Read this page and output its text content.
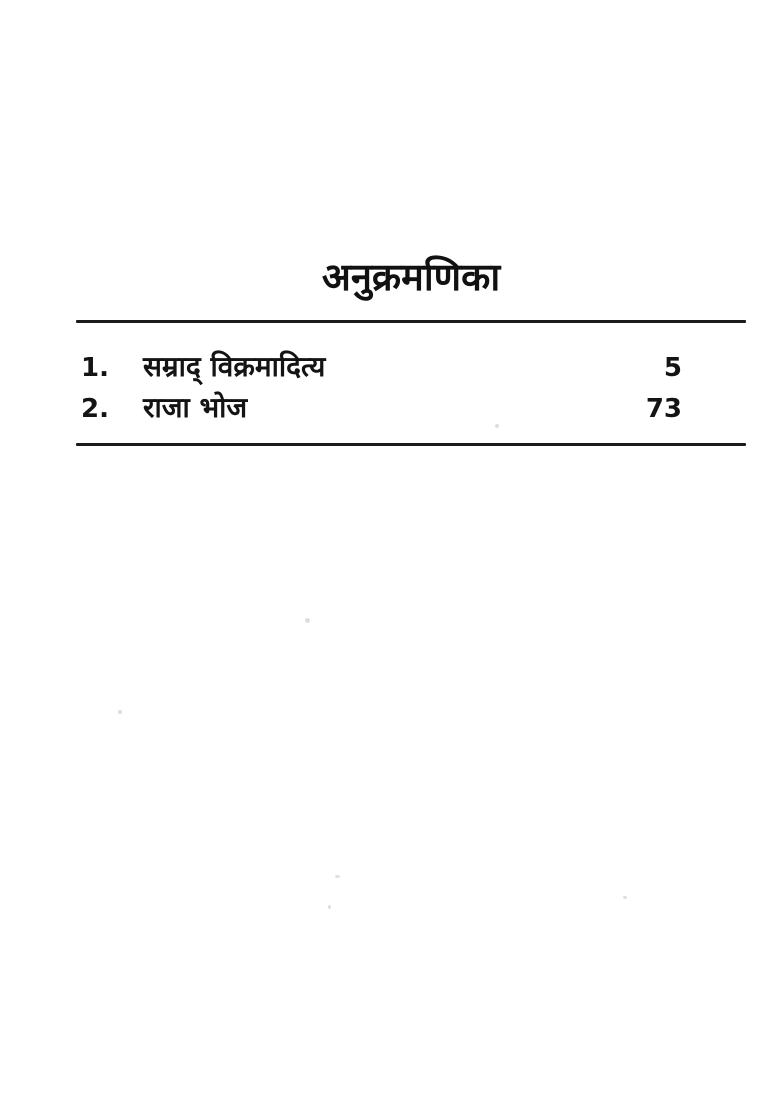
अनुक्रमणिका
1.	सम्राद् विक्रमादित्य	5
2.	राजा भोज	73
